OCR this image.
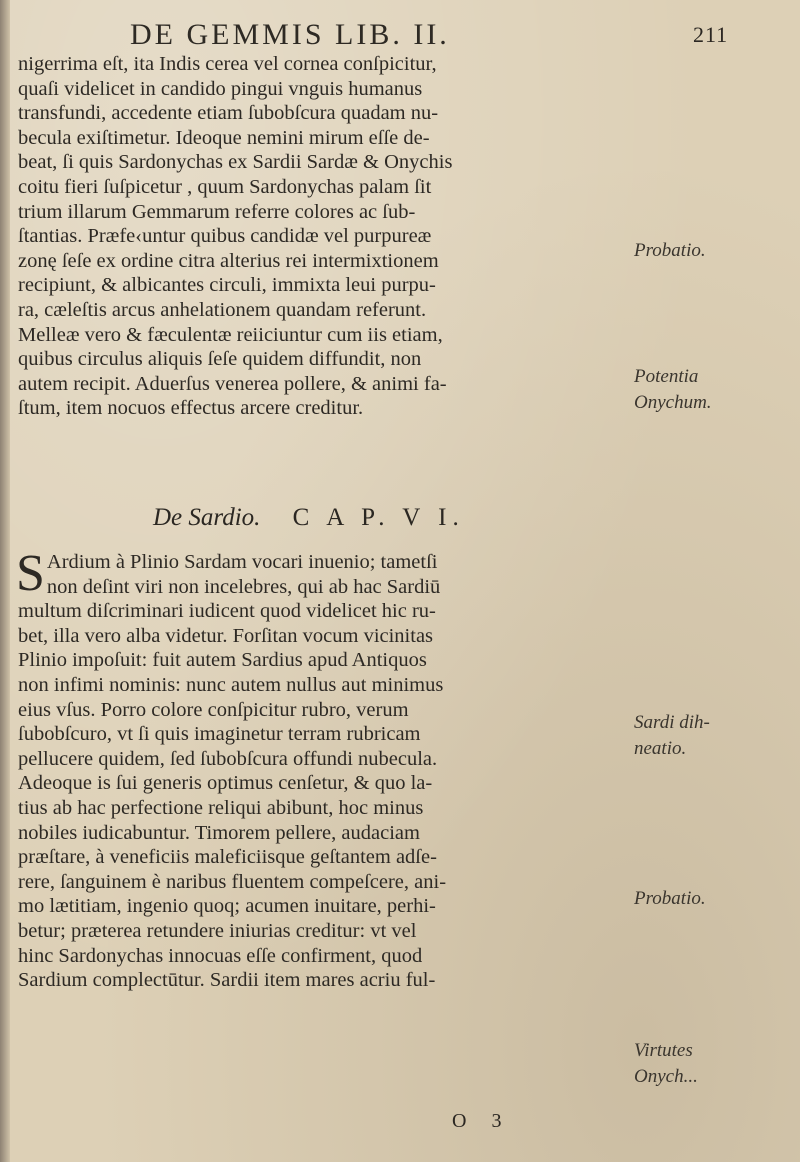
DE GEMMIS LIB. II.	211
nigerrima eſt, ita Indis cerea vel cornea conſpicitur,
quaſi videlicet in candido pingui vnguis humanus
transfundi, accedente etiam ſubobſcura quadam nu-
becula exiſtimetur. Ideoque nemini mirum eſſe de-
beat, ſi quis Sardonychas ex Sardii Sardæ & Onychis
coitu fieri ſuſpicetur , quum Sardonychas palam ſit
trium illarum Gemmarum referre colores ac ſub-
ſtantias. Præfe‹untur quibus candidæ vel purpureæ
zonę ſeſe ex ordine citra alterius rei intermixtionem
recipiunt, & albicantes circuli, immixta leui purpu-
ra, cæleſtis arcus anhelationem quandam referunt.
Melleæ vero & fæculentæ reiiciuntur cum iis etiam,
quibus circulus aliquis ſeſe quidem diffundit, non
autem recipit. Aduerſus venerea pollere, & animi fa-
ſtum, item nocuos effectus arcere creditur.
De Sardio. C A P. V I.
S Ardium à Plinio Sardam vocari inuenio; tametſi
non deſint viri non incelebres, qui ab hac Sardiū
multum diſcriminari iudicent quod videlicet hic ru-
bet, illa vero alba videtur. Forſitan vocum vicinitas
Plinio impoſuit: fuit autem Sardius apud Antiquos
non infimi nominis: nunc autem nullus aut minimus
eius vſus. Porro colore conſpicitur rubro, verum
ſubobſcuro, vt ſi quis imaginetur terram rubricam
pellucere quidem, ſed ſubobſcura offundi nubecula.
Adeoque is ſui generis optimus cenſetur, & quo la-
tius ab hac perfectione reliqui abibunt, hoc minus
nobiles iudicabuntur. Timorem pellere, audaciam
præſtare, à veneficiis maleficiisque geſtantem adſe-
rere, ſanguinem è naribus fluentem compeſcere, ani-
mo lætitiam, ingenio quoq; acumen inuitare, perhi-
betur; præterea retundere iniurias creditur: vt vel
hinc Sardonychas innocuas eſſe confirment, quod
Sardium complectūtur. Sardii item mares acriu ful-
Probatio.
Potentia
Onychum.
Sardi dih-
neatio.
Probatio.
Virtutes
Onych...
O 3
